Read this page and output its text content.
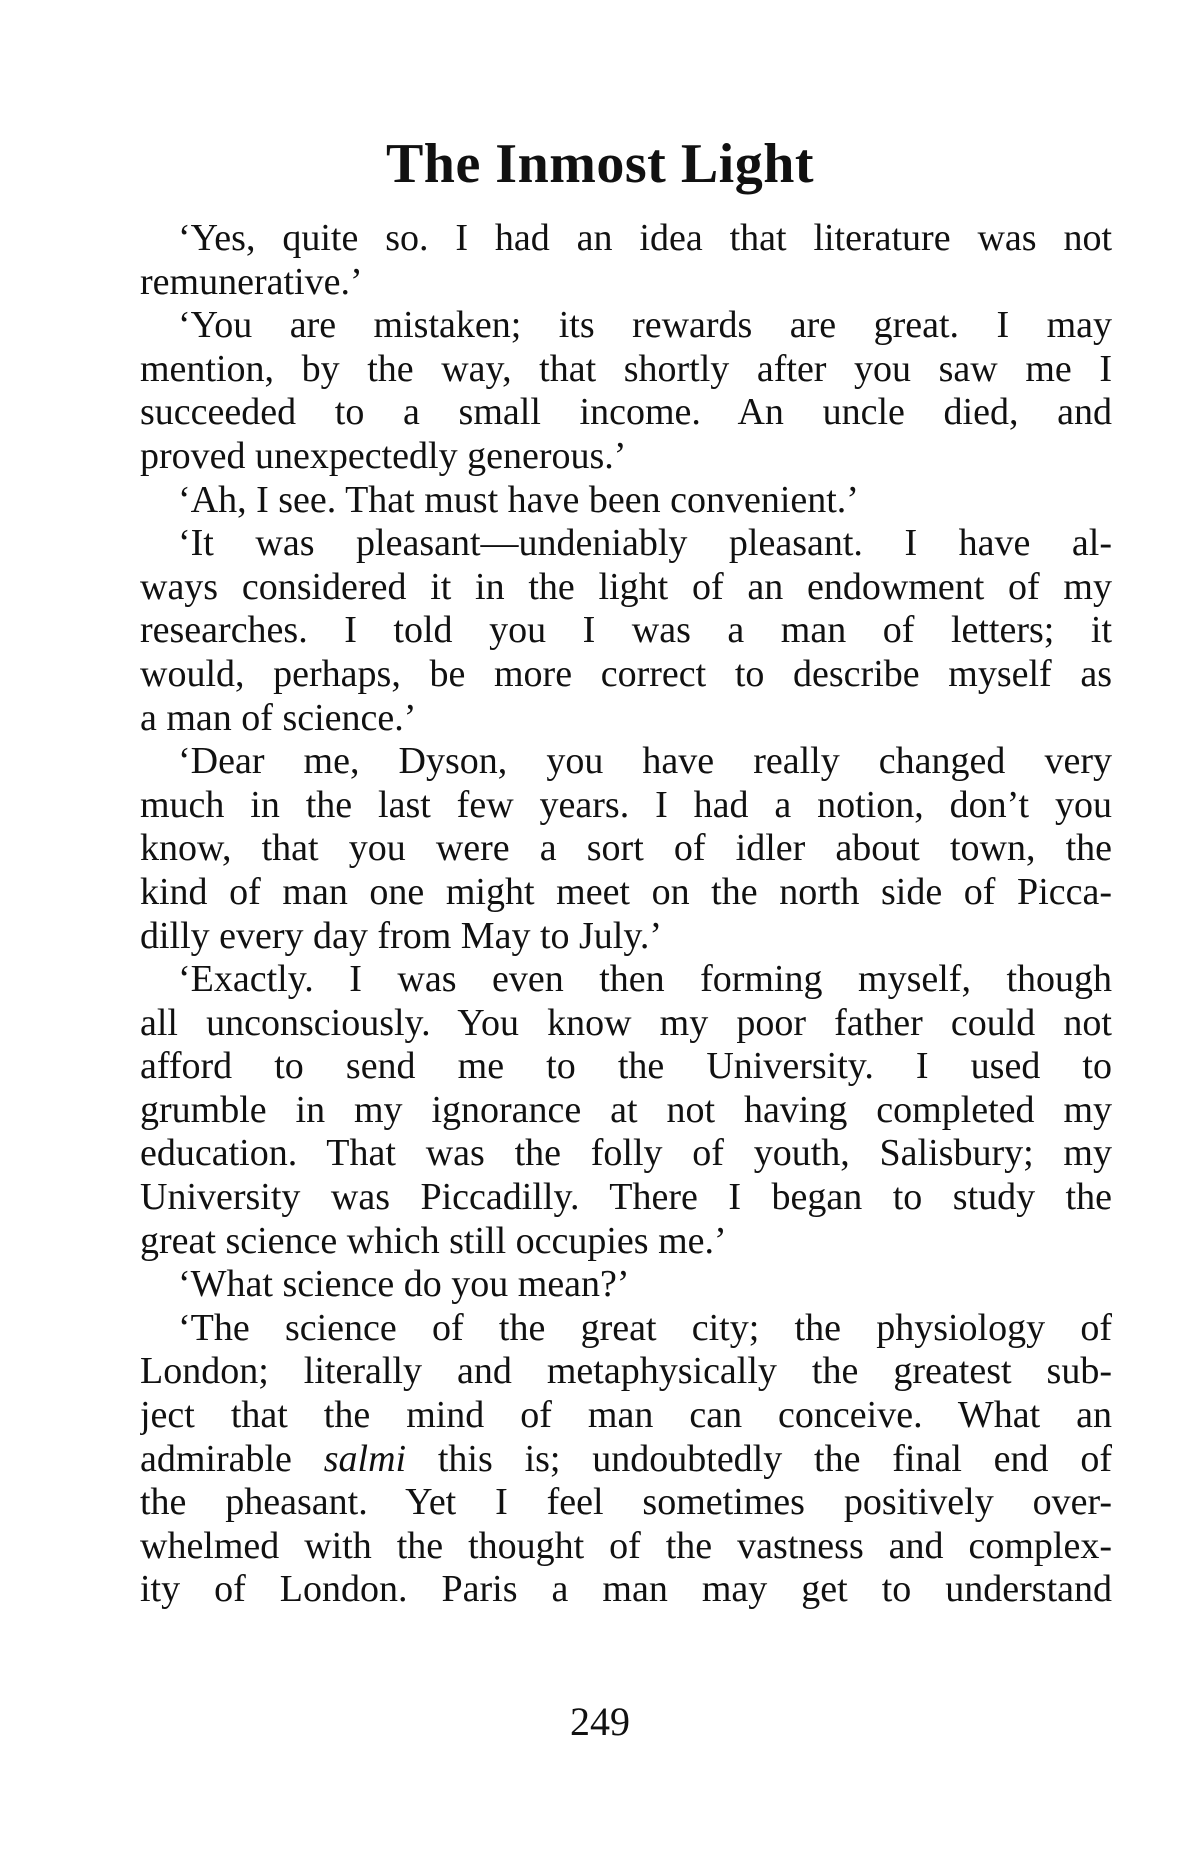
The Inmost Light
‘Yes, quite so. I had an idea that literature was not
remunerative.’
‘You are mistaken; its rewards are great. I may
mention, by the way, that shortly after you saw me I
succeeded to a small income. An uncle died, and
proved unexpectedly generous.’
‘Ah, I see. That must have been convenient.’
‘It was pleasant—undeniably pleasant. I have al-
ways considered it in the light of an endowment of my
researches. I told you I was a man of letters; it
would, perhaps, be more correct to describe myself as
a man of science.’
‘Dear me, Dyson, you have really changed very
much in the last few years. I had a notion, don’t you
know, that you were a sort of idler about town, the
kind of man one might meet on the north side of Picca-
dilly every day from May to July.’
‘Exactly. I was even then forming myself, though
all unconsciously. You know my poor father could not
afford to send me to the University. I used to
grumble in my ignorance at not having completed my
education. That was the folly of youth, Salisbury; my
University was Piccadilly. There I began to study the
great science which still occupies me.’
‘What science do you mean?’
‘The science of the great city; the physiology of
London; literally and metaphysically the greatest sub-
ject that the mind of man can conceive. What an
admirable salmi this is; undoubtedly the final end of
the pheasant. Yet I feel sometimes positively over-
whelmed with the thought of the vastness and complex-
ity of London. Paris a man may get to understand
249
